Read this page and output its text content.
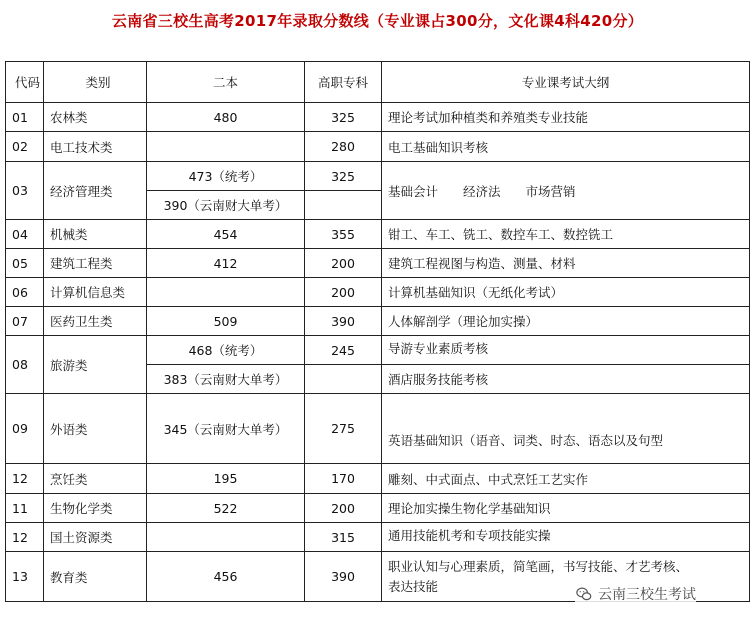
云南省三校生高考2017年录取分数线（专业课占300分，文化课4科420分）
代码	类别	二本	高职专科	专业课考试大纲
01	农林类	480	325	理论考试加种植类和养殖类专业技能
02	电工技术类		280	电工基础知识考核
03	经济管理类	473（统考）	325	基础会计　　经济法　　市场营销
		390（云南财大单考）		
04	机械类	454	355	钳工、车工、铣工、数控车工、数控铣工
05	建筑工程类	412	200	建筑工程视图与构造、测量、材料
06	计算机信息类		200	计算机基础知识（无纸化考试）
07	医药卫生类	509	390	人体解剖学（理论加实操）
08	旅游类	468（统考）	245	导游专业素质考核
		383（云南财大单考）		酒店服务技能考核
09	外语类	345（云南财大单考）	275	英语基础知识（语音、词类、时态、语态以及句型
12	烹饪类	195	170	雕刻、中式面点、中式烹饪工艺实作
11	生物化学类	522	200	理论加实操生物化学基础知识
12	国土资源类		315	通用技能机考和专项技能实操
13	教育类	456	390	职业认知与心理素质，简笔画，书写技能、才艺考核、表达技能
云南三校生考试
